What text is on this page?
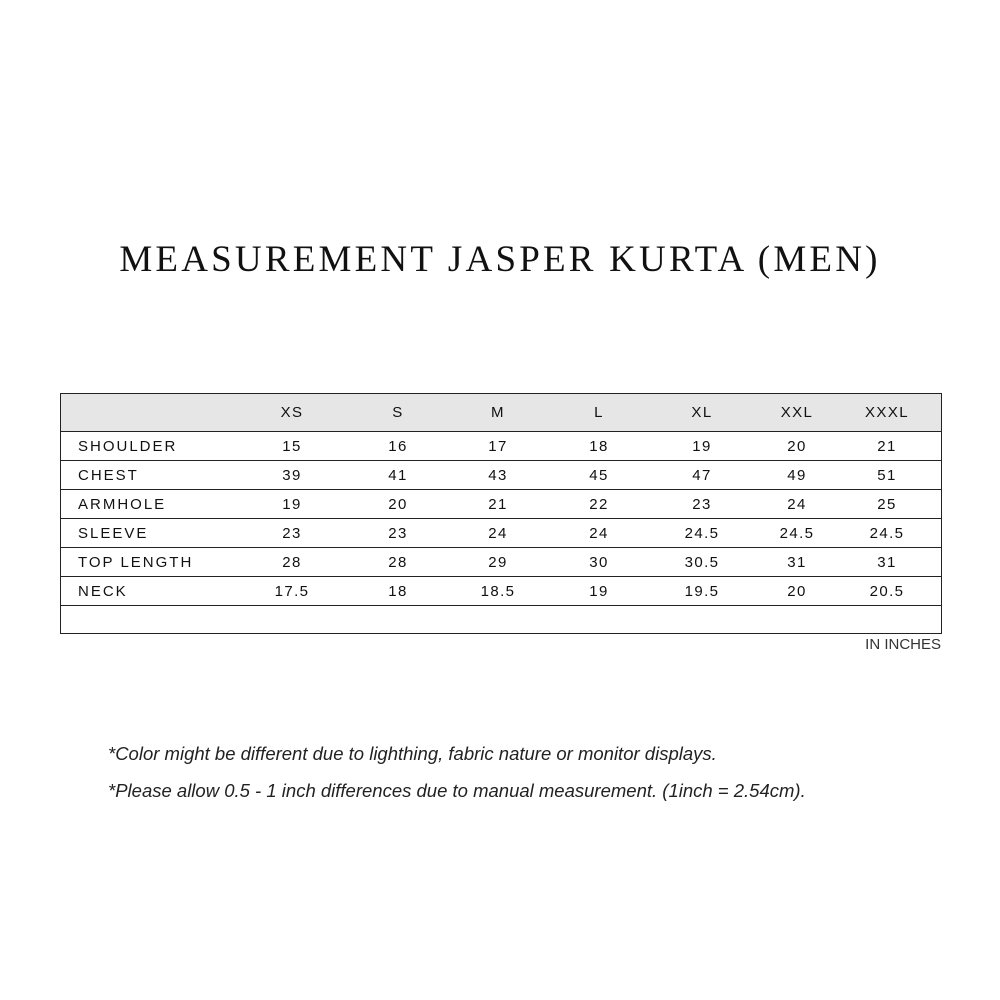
MEASUREMENT JASPER KURTA (MEN)
XS	S	M	L	XL	XXL	XXXL
SHOULDER	15	16	17	18	19	20	21
CHEST	39	41	43	45	47	49	51
ARMHOLE	19	20	21	22	23	24	25
SLEEVE	23	23	24	24	24.5	24.5	24.5
TOP LENGTH	28	28	29	30	30.5	31	31
NECK	17.5	18	18.5	19	19.5	20	20.5
IN INCHES
*Color might be different due to lighthing, fabric nature or monitor displays.
*Please allow 0.5 - 1 inch differences due to manual measurement. (1inch = 2.54cm).
